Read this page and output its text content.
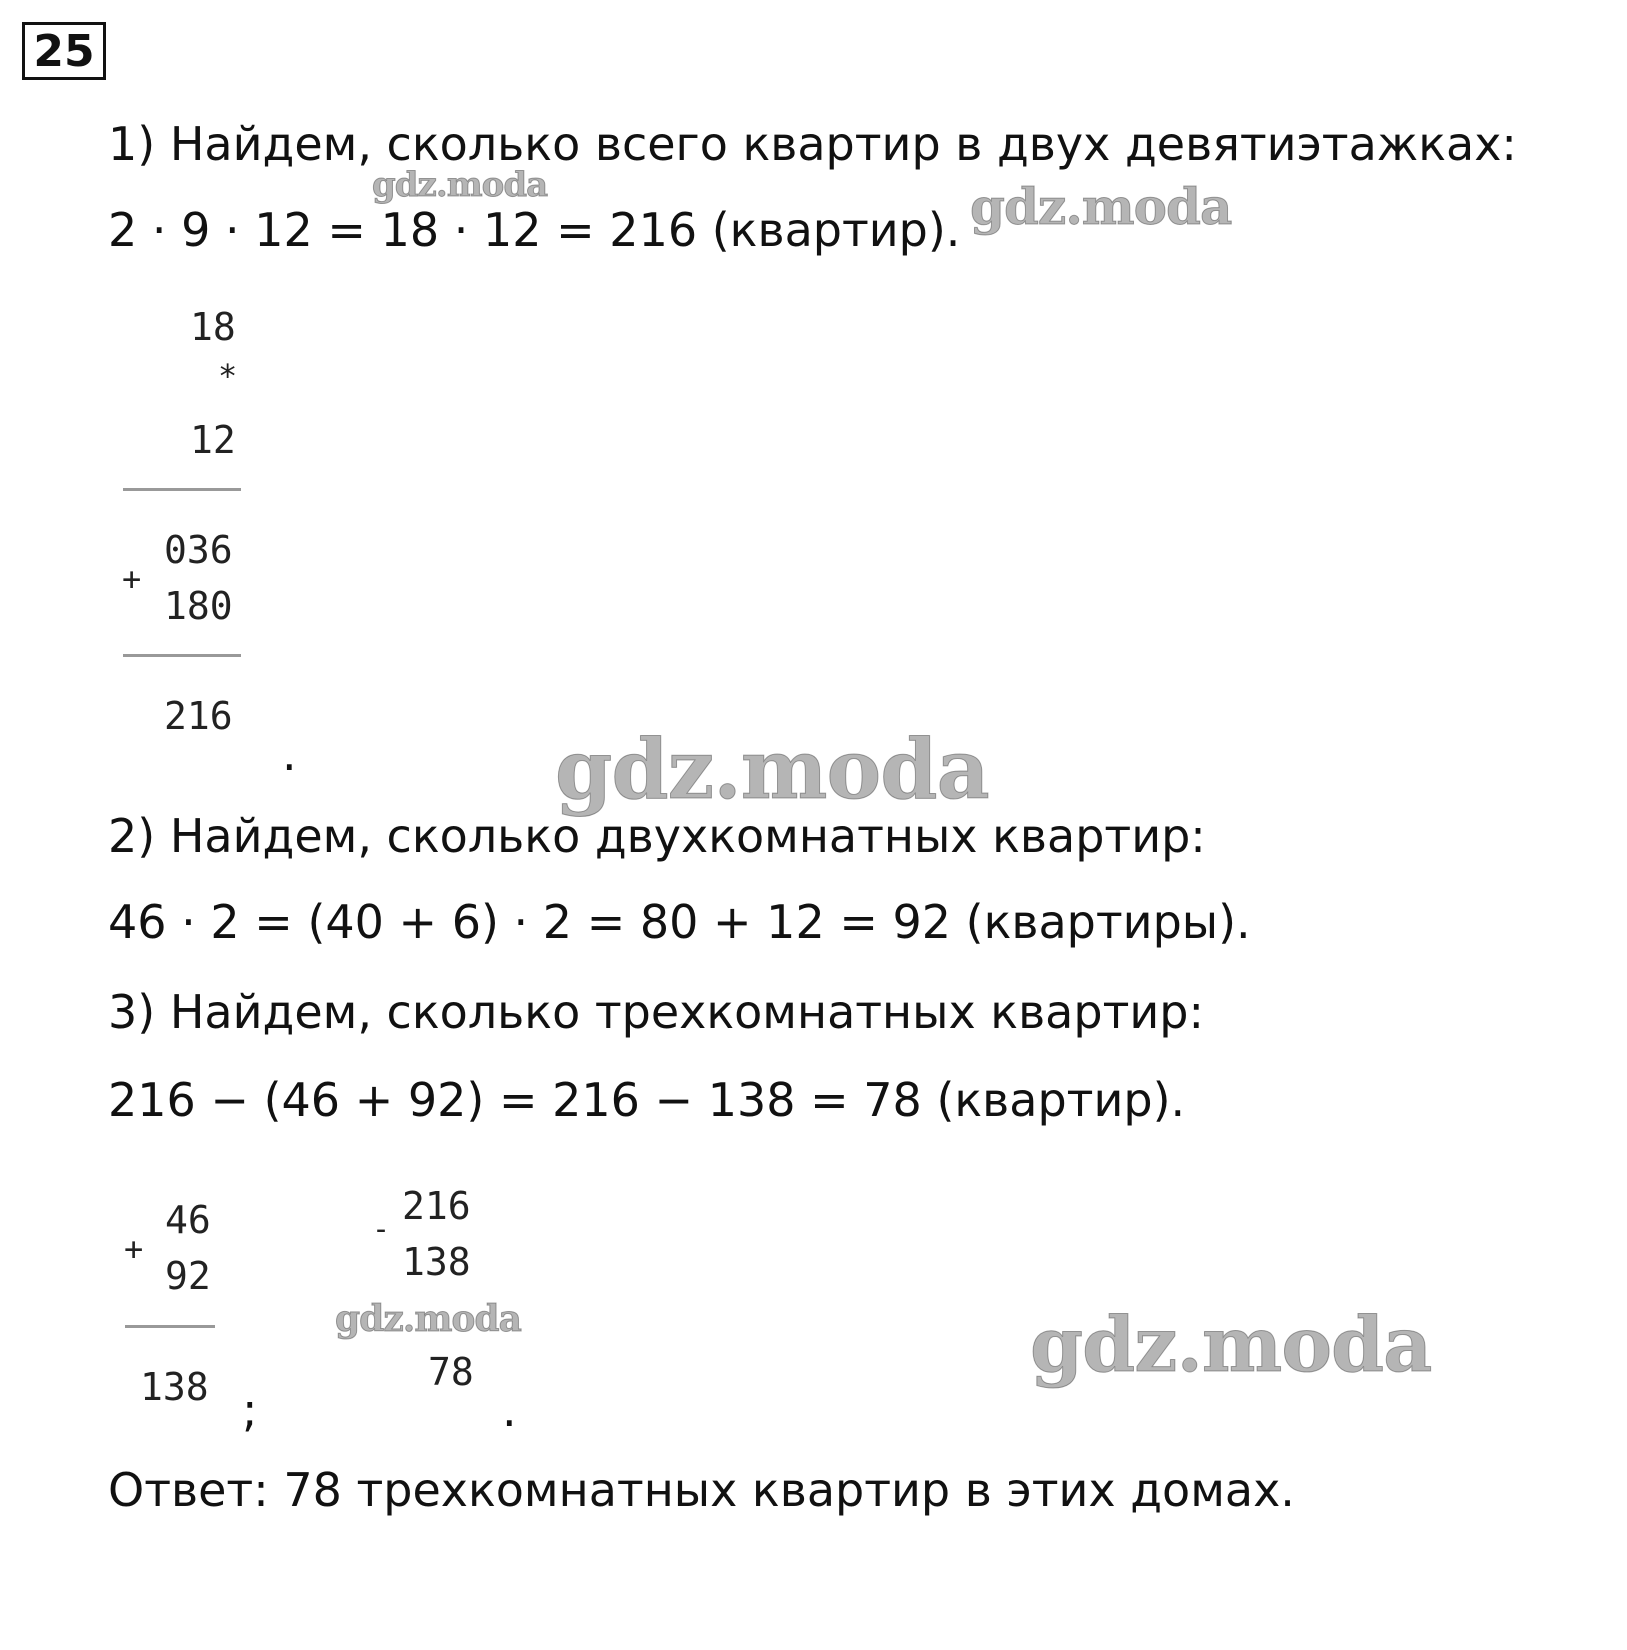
25
1) Найдем, сколько всего квартир в двух девятиэтажках:
2 · 9 · 12 = 18 · 12 = 216 (квартир).
18
*
12
036
+
180
216
.
2) Найдем, сколько двухкомнатных квартир:
46 · 2 = (40 + 6) · 2 = 80 + 12 = 92 (квартиры).
3) Найдем, сколько трехкомнатных квартир:
216 − (46 + 92) = 216 − 138 = 78 (квартир).
46
+
92
138 ;
216
-
138
78
.
Ответ: 78 трехкомнатных квартир в этих домах.
gdz.moda	gdz.moda
gdz.moda
gdz.moda	gdz.moda
